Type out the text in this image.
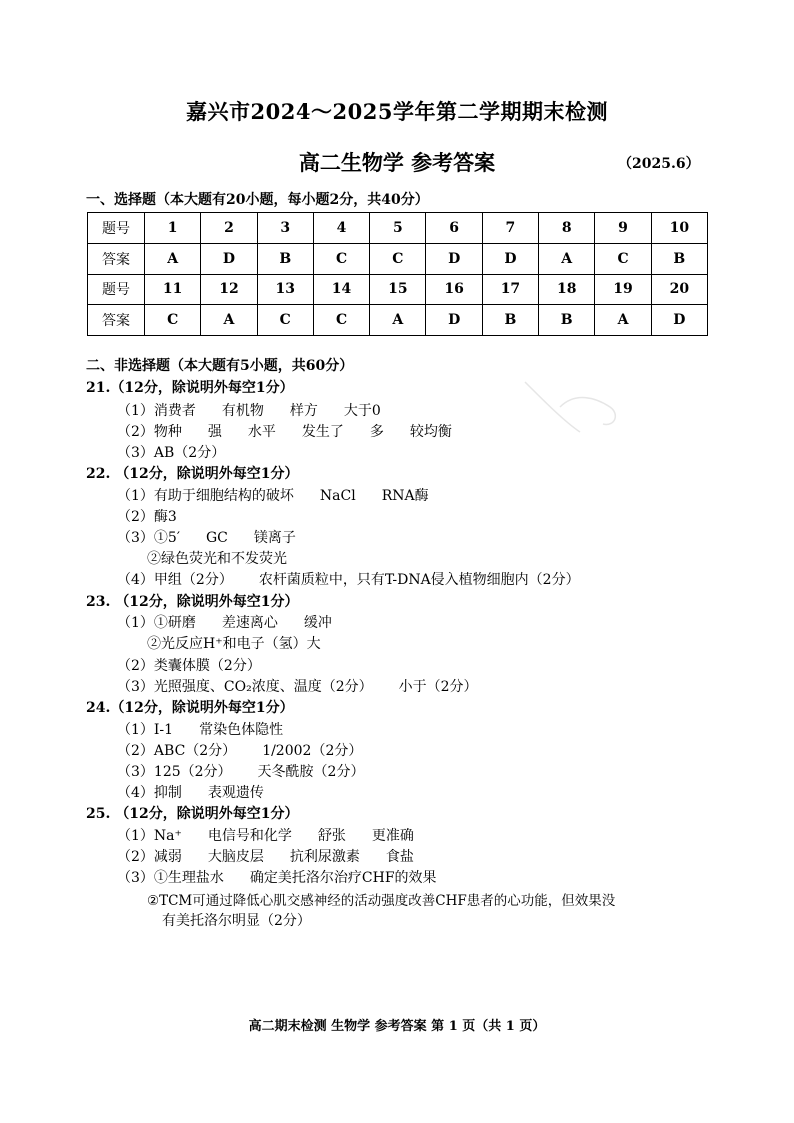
嘉兴市2024～2025学年第二学期期末检测
高二生物学 参考答案	（2025.6）
一、选择题（本大题有20小题，每小题2分，共40分）
题号	1	2	3	4	5	6	7	8	9	10
答案	A	D	B	C	C	D	D	A	C	B
题号	11	12	13	14	15	16	17	18	19	20
答案	C	A	C	C	A	D	B	B	A	D
二、非选择题（本大题有5小题，共60分）
21.（12分，除说明外每空1分）
（1）消费者 有机物 样方 大于0
（2）物种 强 水平 发生了 多 较均衡
（3）AB（2分）
22. （12分，除说明外每空1分）
（1）有助于细胞结构的破坏 NaCl RNA酶
（2）酶3
（3）①5′ GC 镁离子
②绿色荧光和不发荧光
（4）甲组（2分） 农杆菌质粒中，只有T-DNA侵入植物细胞内（2分）
23. （12分，除说明外每空1分）
（1）①研磨 差速离心 缓冲
②光反应H⁺和电子（氢）大
（2）类囊体膜（2分）
（3）光照强度、CO₂浓度、温度（2分） 小于（2分）
24.（12分，除说明外每空1分）
（1）Ⅰ-1 常染色体隐性
（2）ABC（2分） 1/2002（2分）
（3）125（2分） 天冬酰胺（2分）
（4）抑制 表观遗传
25. （12分，除说明外每空1分）
（1）Na⁺ 电信号和化学 舒张 更准确
（2）减弱 大脑皮层 抗利尿激素 食盐
（3）①生理盐水 确定美托洛尔治疗CHF的效果
②TCM可通过降低心肌交感神经的活动强度改善CHF患者的心功能，但效果没
有美托洛尔明显（2分）
高二期末检测 生物学 参考答案 第 1 页（共 1 页）
